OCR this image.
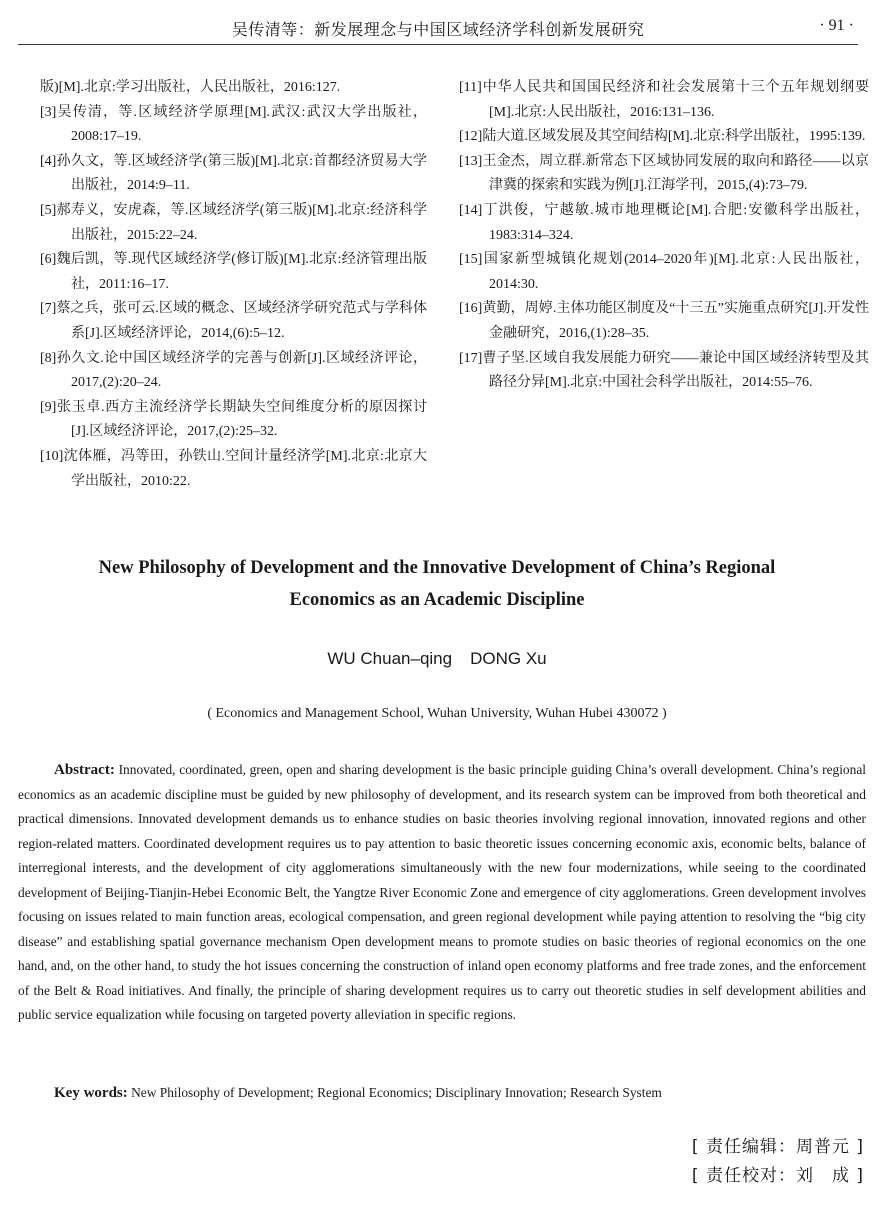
吴传清等：新发展理念与中国区域经济学科创新发展研究	· 91 ·
版)[M].北京:学习出版社，人民出版社，2016:127.
[3]吴传清，等.区域经济学原理[M].武汉:武汉大学出版社，2008:17–19.
[4]孙久文，等.区域经济学(第三版)[M].北京:首都经济贸易大学出版社，2014:9–11.
[5]郝寿义，安虎森，等.区域经济学(第三版)[M].北京:经济科学出版社，2015:22–24.
[6]魏后凯，等.现代区域经济学(修订版)[M].北京:经济管理出版社，2011:16–17.
[7]蔡之兵，张可云.区域的概念、区域经济学研究范式与学科体系[J].区域经济评论，2014,(6):5–12.
[8]孙久文.论中国区域经济学的完善与创新[J].区域经济评论，2017,(2):20–24.
[9]张玉卓.西方主流经济学长期缺失空间维度分析的原因探讨[J].区域经济评论，2017,(2):25–32.
[10]沈体雁，冯等田，孙铁山.空间计量经济学[M].北京:北京大学出版社，2010:22.
[11]中华人民共和国国民经济和社会发展第十三个五年规划纲要[M].北京:人民出版社，2016:131–136.
[12]陆大道.区域发展及其空间结构[M].北京:科学出版社，1995:139.
[13]王金杰，周立群.新常态下区域协同发展的取向和路径——以京津冀的探索和实践为例[J].江海学刊，2015,(4):73–79.
[14]丁洪俊，宁越敏.城市地理概论[M].合肥:安徽科学出版社，1983:314–324.
[15]国家新型城镇化规划(2014–2020年)[M].北京:人民出版社，2014:30.
[16]黄勤，周婷.主体功能区制度及“十三五”实施重点研究[J].开发性金融研究，2016,(1):28–35.
[17]曹子坚.区域自我发展能力研究——兼论中国区域经济转型及其路径分异[M].北京:中国社会科学出版社，2014:55–76.
New Philosophy of Development and the Innovative Development of China’s Regional
Economics as an Academic Discipline
WU Chuan–qing DONG Xu
( Economics and Management School, Wuhan University, Wuhan Hubei 430072 )
Abstract: Innovated, coordinated, green, open and sharing development is the basic principle guiding China’s overall development. China’s regional economics as an academic discipline must be guided by new philosophy of development, and its research system can be improved from both theoretical and practical dimensions. Innovated development demands us to enhance studies on basic theories involving regional innovation, innovated regions and other region-related matters. Coordinated development requires us to pay attention to basic theoretic issues concerning economic axis, economic belts, balance of interregional interests, and the development of city agglomerations simultaneously with the new four modernizations, while seeing to the coordinated development of Beijing-Tianjin-Hebei Economic Belt, the Yangtze River Economic Zone and emergence of city agglomerations. Green development involves focusing on issues related to main function areas, ecological compensation, and green regional development while paying attention to resolving the “big city disease” and establishing spatial governance mechanism Open development means to promote studies on basic theories of regional economics on the one hand, and, on the other hand, to study the hot issues concerning the construction of inland open economy platforms and free trade zones, and the enforcement of the Belt & Road initiatives. And finally, the principle of sharing development requires us to carry out theoretic studies in self development abilities and public service equalization while focusing on targeted poverty alleviation in specific regions.
Key words: New Philosophy of Development; Regional Economics; Disciplinary Innovation; Research System
[ 责任编辑：周普元 ]
[ 责任校对：刘　成 ]
